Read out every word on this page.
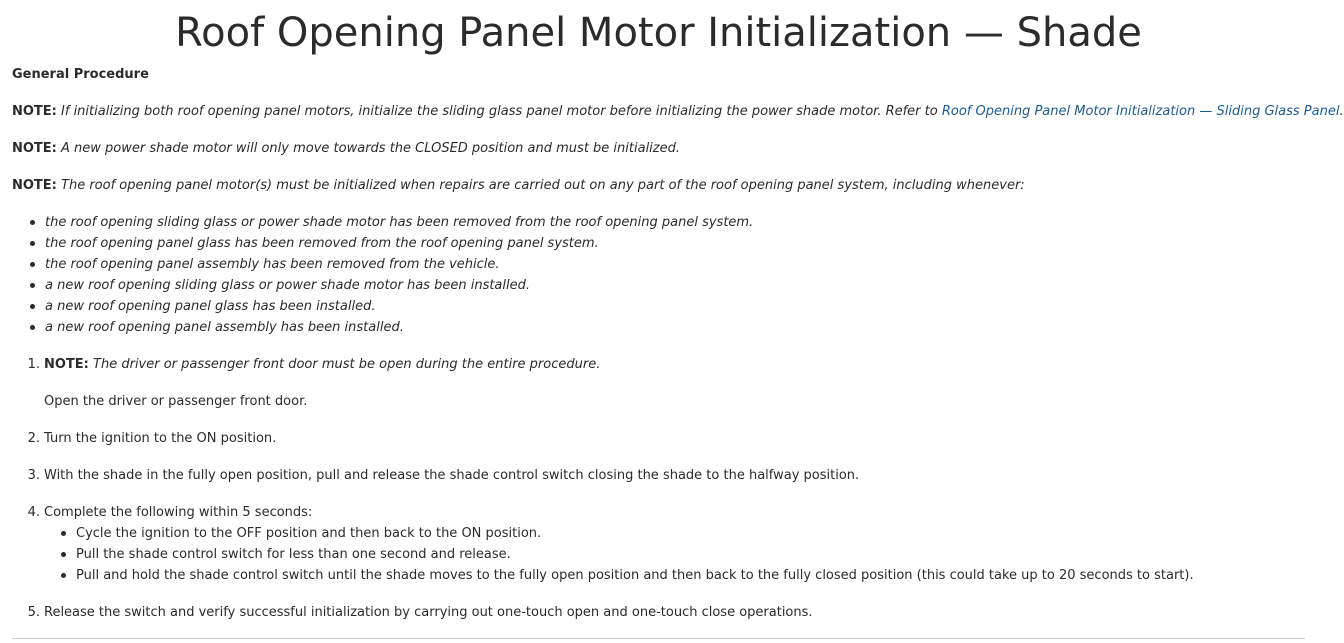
Roof Opening Panel Motor Initialization — Shade
General Procedure
NOTE: If initializing both roof opening panel motors, initialize the sliding glass panel motor before initializing the power shade motor. Refer to Roof Opening Panel Motor Initialization — Sliding Glass Panel.
NOTE: A new power shade motor will only move towards the CLOSED position and must be initialized.
NOTE: The roof opening panel motor(s) must be initialized when repairs are carried out on any part of the roof opening panel system, including whenever:
the roof opening sliding glass or power shade motor has been removed from the roof opening panel system.
the roof opening panel glass has been removed from the roof opening panel system.
the roof opening panel assembly has been removed from the vehicle.
a new roof opening sliding glass or power shade motor has been installed.
a new roof opening panel glass has been installed.
a new roof opening panel assembly has been installed.
1. NOTE: The driver or passenger front door must be open during the entire procedure.
Open the driver or passenger front door.
2. Turn the ignition to the ON position.
3. With the shade in the fully open position, pull and release the shade control switch closing the shade to the halfway position.
4. Complete the following within 5 seconds:
Cycle the ignition to the OFF position and then back to the ON position.
Pull the shade control switch for less than one second and release.
Pull and hold the shade control switch until the shade moves to the fully open position and then back to the fully closed position (this could take up to 20 seconds to start).
5. Release the switch and verify successful initialization by carrying out one-touch open and one-touch close operations.
